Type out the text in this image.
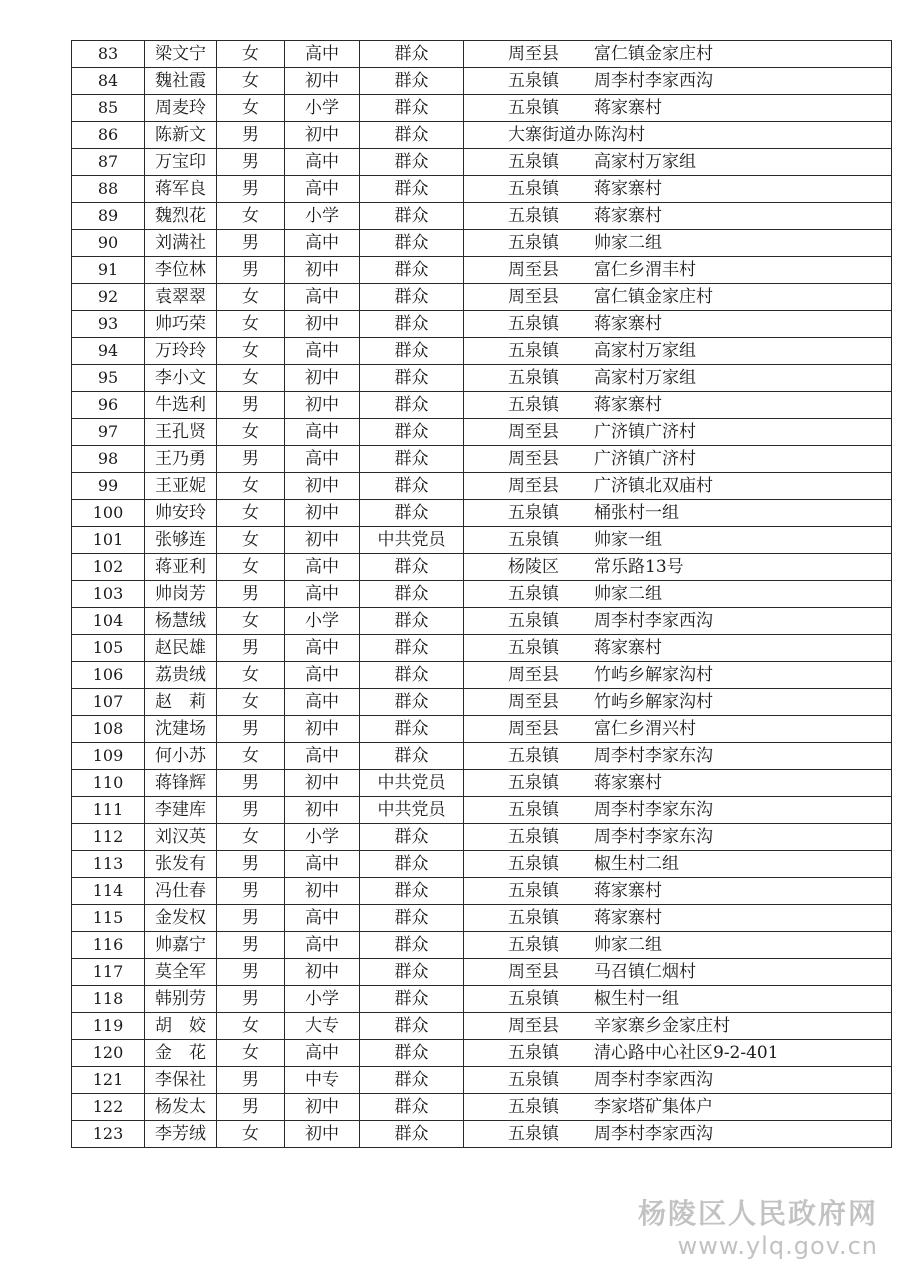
83	梁文宁	女	高中	群众	周至县 富仁镇金家庄村
84	魏社霞	女	初中	群众	五泉镇 周李村李家西沟
85	周麦玲	女	小学	群众	五泉镇 蒋家寨村
86	陈新文	男	初中	群众	大寨街道办陈沟村
87	万宝印	男	高中	群众	五泉镇 高家村万家组
88	蒋军良	男	高中	群众	五泉镇 蒋家寨村
89	魏烈花	女	小学	群众	五泉镇 蒋家寨村
90	刘满社	男	高中	群众	五泉镇 帅家二组
91	李位林	男	初中	群众	周至县 富仁乡渭丰村
92	袁翠翠	女	高中	群众	周至县 富仁镇金家庄村
93	帅巧荣	女	初中	群众	五泉镇 蒋家寨村
94	万玲玲	女	高中	群众	五泉镇 高家村万家组
95	李小文	女	初中	群众	五泉镇 高家村万家组
96	牛选利	男	初中	群众	五泉镇 蒋家寨村
97	王孔贤	女	高中	群众	周至县 广济镇广济村
98	王乃勇	男	高中	群众	周至县 广济镇广济村
99	王亚妮	女	初中	群众	周至县 广济镇北双庙村
100	帅安玲	女	初中	群众	五泉镇 桶张村一组
101	张够连	女	初中	中共党员	五泉镇 帅家一组
102	蒋亚利	女	高中	群众	杨陵区 常乐路13号
103	帅岗芳	男	高中	群众	五泉镇 帅家二组
104	杨慧绒	女	小学	群众	五泉镇 周李村李家西沟
105	赵民雄	男	高中	群众	五泉镇 蒋家寨村
106	荔贵绒	女	高中	群众	周至县 竹屿乡解家沟村
107	赵　莉	女	高中	群众	周至县 竹屿乡解家沟村
108	沈建场	男	初中	群众	周至县 富仁乡渭兴村
109	何小苏	女	高中	群众	五泉镇 周李村李家东沟
110	蒋锋辉	男	初中	中共党员	五泉镇 蒋家寨村
111	李建库	男	初中	中共党员	五泉镇 周李村李家东沟
112	刘汉英	女	小学	群众	五泉镇 周李村李家东沟
113	张发有	男	高中	群众	五泉镇 椒生村二组
114	冯仕春	男	初中	群众	五泉镇 蒋家寨村
115	金发权	男	高中	群众	五泉镇 蒋家寨村
116	帅嘉宁	男	高中	群众	五泉镇 帅家二组
117	莫全军	男	初中	群众	周至县 马召镇仁烟村
118	韩别劳	男	小学	群众	五泉镇 椒生村一组
119	胡　姣	女	大专	群众	周至县 辛家寨乡金家庄村
120	金　花	女	高中	群众	五泉镇 清心路中心社区9-2-401
121	李保社	男	中专	群众	五泉镇 周李村李家西沟
122	杨发太	男	初中	群众	五泉镇 李家塔矿集体户
123	李芳绒	女	初中	群众	五泉镇 周李村李家西沟
杨陵区人民政府网
www.ylq.gov.cn
